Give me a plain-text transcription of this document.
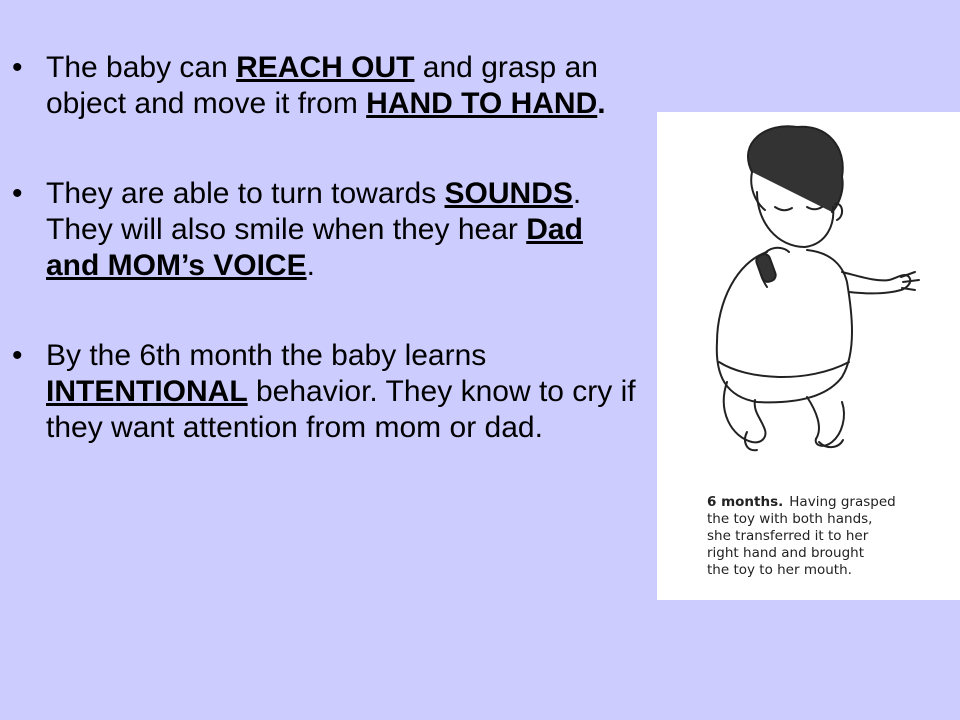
• The baby can REACH OUT and grasp an object and move it from HAND TO HAND.
• They are able to turn towards SOUNDS. They will also smile when they hear Dad and MOM’s VOICE.
• By the 6th month the baby learns INTENTIONAL behavior. They know to cry if they want attention from mom or dad.
6 months. Having grasped
the toy with both hands,
she transferred it to her
right hand and brought
the toy to her mouth.
